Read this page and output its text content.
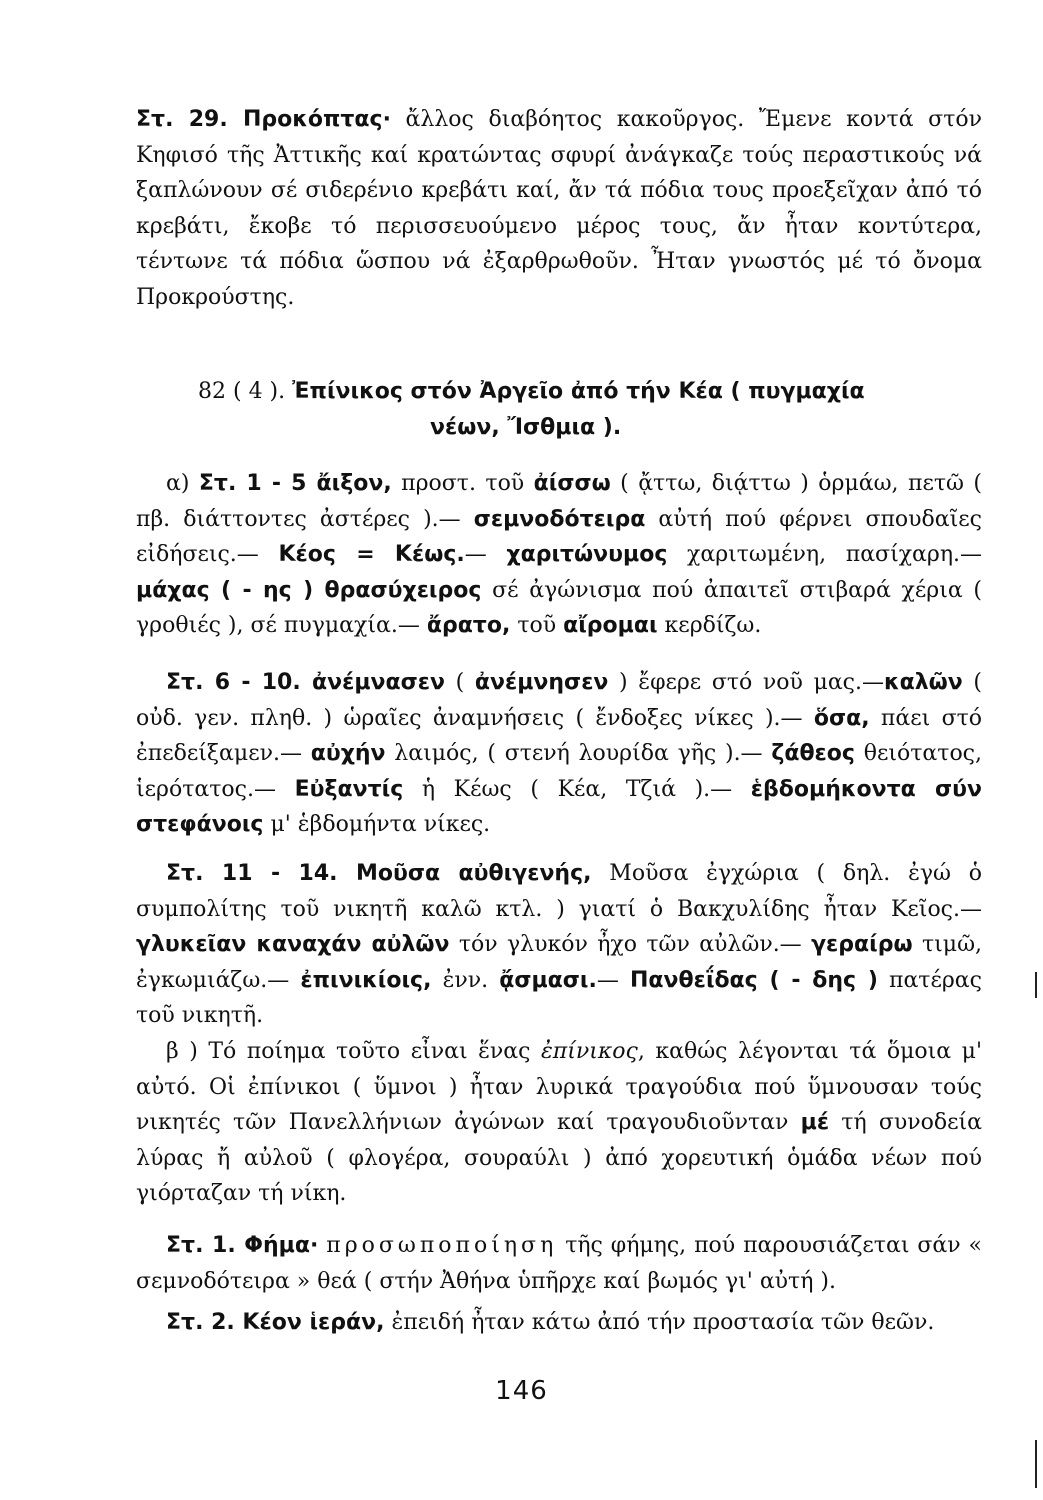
Στ. 29. Προκόπτας· ἄλλος διαβόητος κακοῦργος. Ἔμενε κοντά στόν Κηφισό τῆς Ἀττικῆς καί κρατώντας σφυρί ἀνάγκαζε τούς περαστικούς νά ξαπλώνουν σέ σιδερένιο κρεβάτι καί, ἄν τά πόδια τους προεξεῖχαν ἀπό τό κρεβάτι, ἔκοβε τό περισσευούμενο μέρος τους, ἄν ἦταν κοντύτερα, τέντωνε τά πόδια ὥσπου νά ἐξαρθρωθοῦν. Ἦταν γνωστός μέ τό ὄνομα Προκρούστης.

82 ( 4 ). Ἐπίνικος στόν Ἀργεῖο ἀπό τήν Κέα ( πυγμαχία
νέων, Ἴσθμια ).

α) Στ. 1 - 5 ἄιξον, προστ. τοῦ ἀίσσω ( ᾄττω, διᾴττω ) ὁρμάω, πετῶ ( πβ. διάττοντες ἀστέρες ).— σεμνοδότειρα αὐτή πού φέρνει σπουδαῖες εἰδήσεις.— Κέος = Κέως.— χαριτώνυμος χαριτωμένη, πασίχαρη.— μάχας ( - ης ) θρασύχειρος σέ ἀγώνισμα πού ἀπαιτεῖ στιβαρά χέρια ( γροθιές ), σέ πυγμαχία.— ἄρατο, τοῦ αἴρομαι κερδίζω.

Στ. 6 - 10. ἀνέμνασεν ( ἀνέμνησεν ) ἔφερε στό νοῦ μας.—καλῶν ( οὐδ. γεν. πληθ. ) ὡραῖες ἀναμνήσεις ( ἔνδοξες νίκες ).— ὅσα, πάει στό ἐπεδείξαμεν.— αὐχήν λαιμός, ( στενή λουρίδα γῆς ).— ζάθεος θειότατος, ἱερότατος.— Εὐξαντίς ἡ Κέως ( Κέα, Τζιά ).— ἑβδομήκοντα σύν στεφάνοις μ' ἑβδομήντα νίκες.

Στ. 11 - 14. Μοῦσα αὐθιγενής, Μοῦσα ἐγχώρια ( δηλ. ἐγώ ὁ συμπολίτης τοῦ νικητῆ καλῶ κτλ. ) γιατί ὁ Βακχυλίδης ἦταν Κεῖος.— γλυκεῖαν καναχάν αὐλῶν τόν γλυκόν ἦχο τῶν αὐλῶν.— γεραίρω τιμῶ, ἐγκωμιάζω.— ἐπινικίοις, ἐνν. ᾄσμασι.— Πανθεΐδας ( - δης ) πατέρας τοῦ νικητῆ.

β ) Τό ποίημα τοῦτο εἶναι ἕνας ἐπίνικος, καθώς λέγονται τά ὅμοια μ' αὐτό. Οἱ ἐπίνικοι ( ὕμνοι ) ἦταν λυρικά τραγούδια πού ὕμνουσαν τούς νικητές τῶν Πανελλήνιων ἀγώνων καί τραγουδιοῦνταν μέ τή συνοδεία λύρας ἤ αὐλοῦ ( φλογέρα, σουραύλι ) ἀπό χορευτική ὁμάδα νέων πού γιόρταζαν τή νίκη.

Στ. 1. Φήμα· προσωποποίηση τῆς φήμης, πού παρουσιάζεται σάν « σεμνοδότειρα » θεά ( στήν Ἀθήνα ὑπῆρχε καί βωμός γι' αὐτή ).

Στ. 2. Κέον ἱεράν, ἐπειδή ἦταν κάτω ἀπό τήν προστασία τῶν θεῶν.

146
